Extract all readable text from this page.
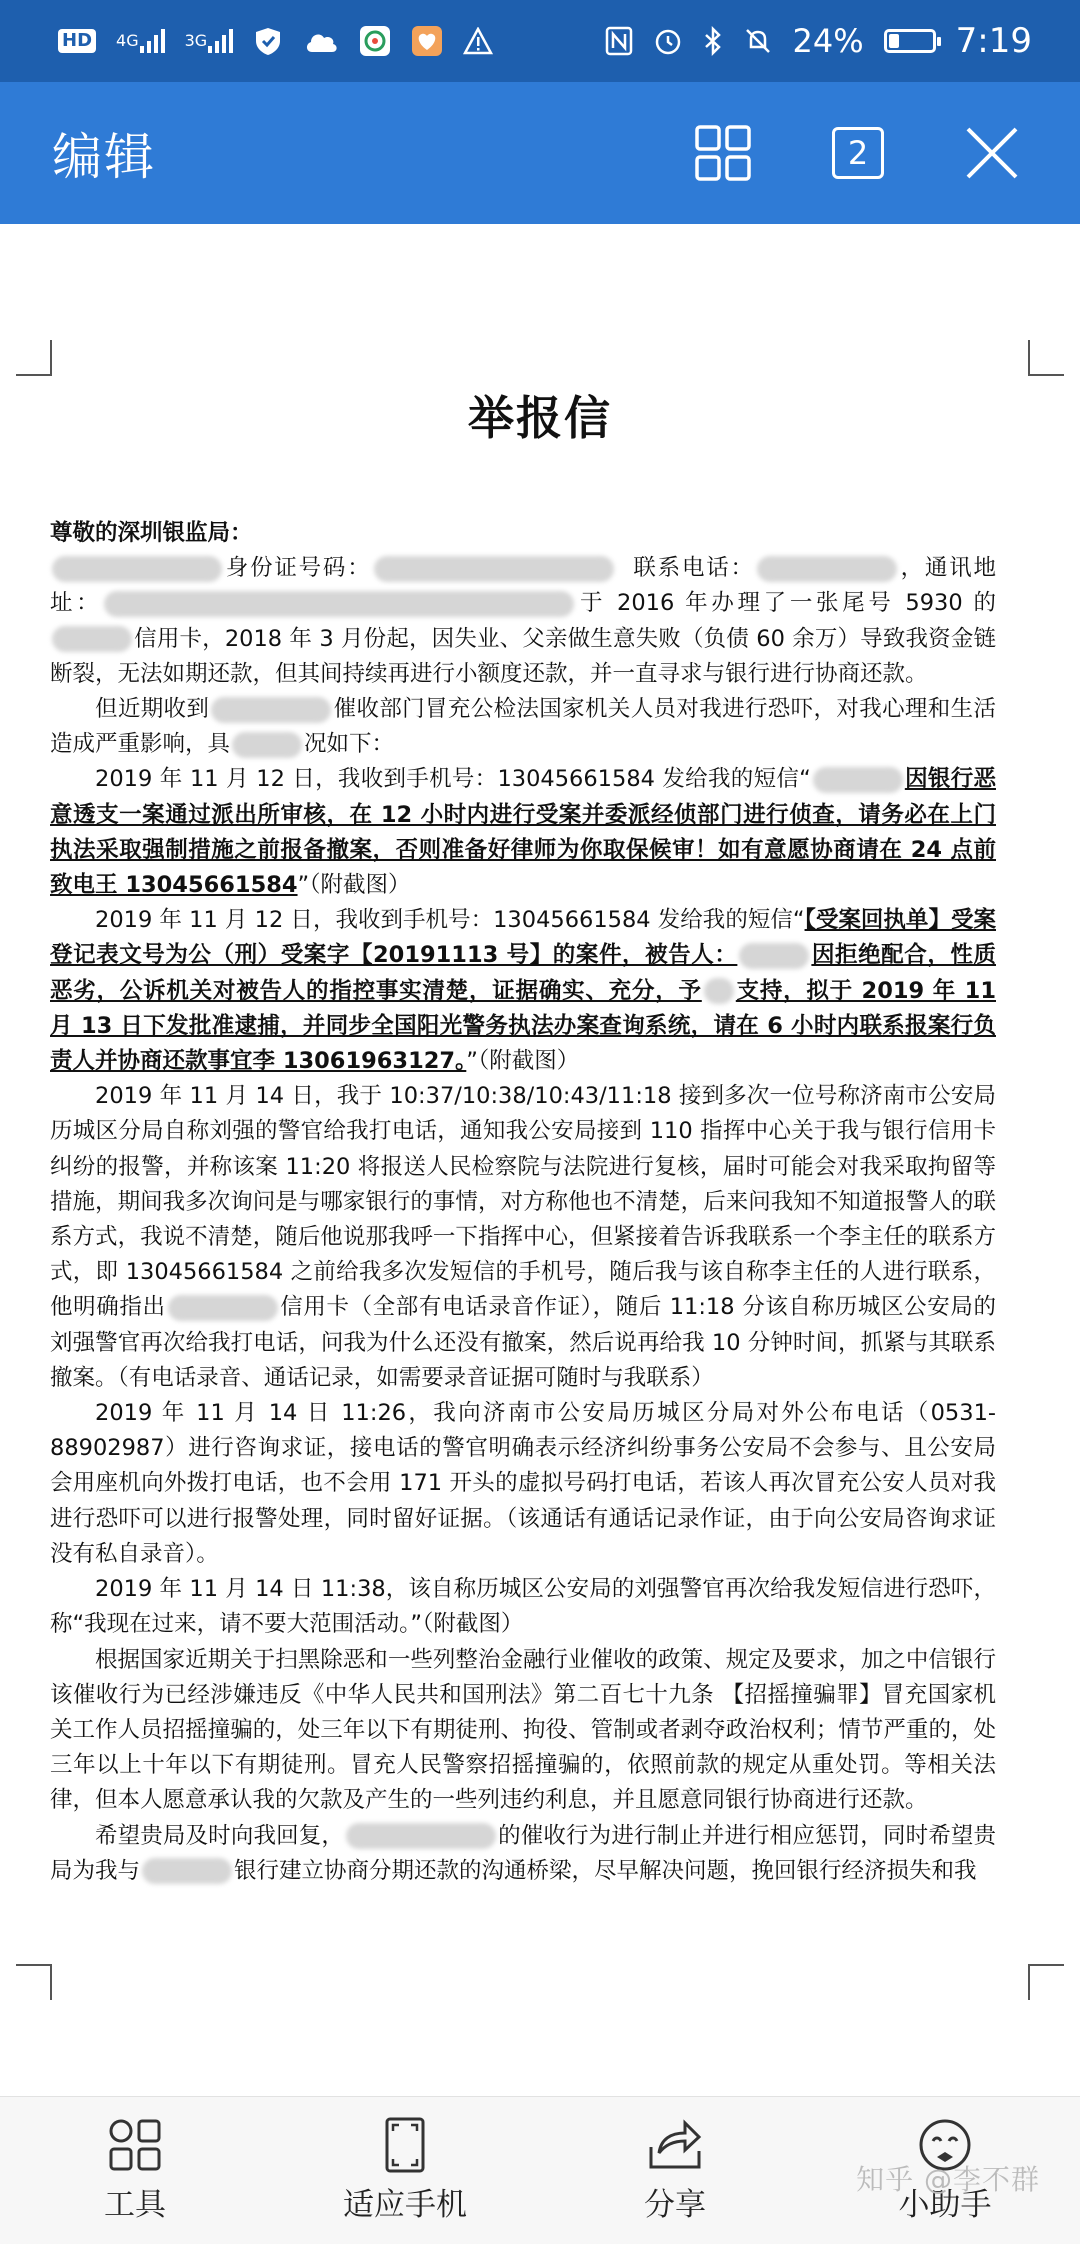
HD 4G	3G	24%	7:19
编辑	2
举报信

尊敬的深圳银监局：

身份证号码：	联系电话：	，通讯地址：	于 2016 年办理了一张尾号 5930 的信用卡，2018 年 3 月份起，因失业、父亲做生意失败（负债 60 余万）导致我资金链断裂，无法如期还款，但其间持续再进行小额度还款，并一直寻求与银行进行协商还款。

但近期收到	催收部门冒充公检法国家机关人员对我进行恐吓，对我心理和生活造成严重影响，具	况如下：

2019 年 11 月 12 日，我收到手机号：13045661584 发给我的短信“	因银行恶意透支一案通过派出所审核，在 12 小时内进行受案并委派经侦部门进行侦查，请务必在上门执法采取强制措施之前报备撤案，否则准备好律师为你取保候审！如有意愿协商请在 24 点前致电王 13045661584”（附截图）

2019 年 11 月 12 日，我收到手机号：13045661584 发给我的短信“【受案回执单】受案登记表文号为公（刑）受案字【20191113 号】的案件，被告人：	因拒绝配合，性质恶劣，公诉机关对被告人的指控事实清楚，证据确实、充分，予 支持，拟于 2019 年 11 月 13 日下发批准逮捕，并同步全国阳光警务执法办案查询系统，请在 6 小时内联系报案行负责人并协商还款事宜李 13061963127。”（附截图）

2019 年 11 月 14 日，我于 10:37/10:38/10:43/11:18 接到多次一位号称济南市公安局历城区分局自称刘强的警官给我打电话，通知我公安局接到 110 指挥中心关于我与银行信用卡纠纷的报警，并称该案 11:20 将报送人民检察院与法院进行复核，届时可能会对我采取拘留等措施，期间我多次询问是与哪家银行的事情，对方称他也不清楚，后来问我知不知道报警人的联系方式，我说不清楚，随后他说那我呼一下指挥中心，但紧接着告诉我联系一个李主任的联系方式，即 13045661584 之前给我多次发短信的手机号，随后我与该自称李主任的人进行联系，他明确指出	信用卡（全部有电话录音作证），随后 11:18 分该自称历城区公安局的刘强警官再次给我打电话，问我为什么还没有撤案，然后说再给我 10 分钟时间，抓紧与其联系撤案。（有电话录音、通话记录，如需要录音证据可随时与我联系）

2019 年 11 月 14 日 11:26，我向济南市公安局历城区分局对外公布电话（0531-88902987）进行咨询求证，接电话的警官明确表示经济纠纷事务公安局不会参与、且公安局会用座机向外拨打电话，也不会用 171 开头的虚拟号码打电话，若该人再次冒充公安人员对我进行恐吓可以进行报警处理，同时留好证据。（该通话有通话记录作证，由于向公安局咨询求证没有私自录音）。

2019 年 11 月 14 日 11:38，该自称历城区公安局的刘强警官再次给我发短信进行恐吓，称“我现在过来，请不要大范围活动。”（附截图）

根据国家近期关于扫黑除恶和一些列整治金融行业催收的政策、规定及要求，加之中信银行该催收行为已经涉嫌违反《中华人民共和国刑法》第二百七十九条 【招摇撞骗罪】冒充国家机关工作人员招摇撞骗的，处三年以下有期徒刑、拘役、管制或者剥夺政治权利；情节严重的，处三年以上十年以下有期徒刑。冒充人民警察招摇撞骗的，依照前款的规定从重处罚。等相关法律，但本人愿意承认我的欠款及产生的一些列违约利息，并且愿意同银行协商进行还款。

希望贵局及时向我回复，	的催收行为进行制止并进行相应惩罚，同时希望贵局为我与	银行建立协商分期还款的沟通桥梁，尽早解决问题，挽回银行经济损失和我

工具	适应手机	分享	小助手
知乎 @李不群
